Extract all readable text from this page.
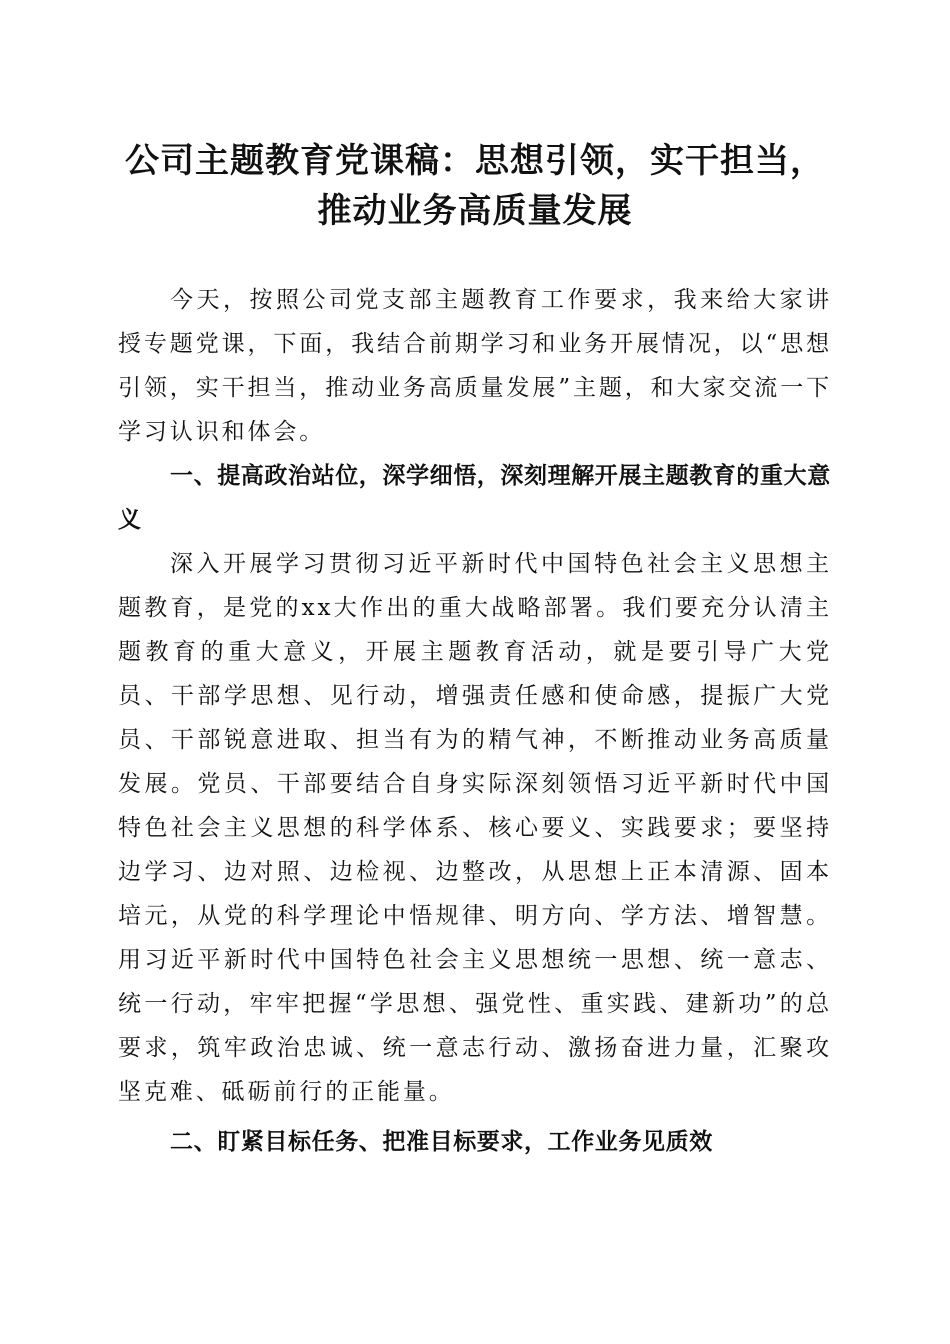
公司主题教育党课稿：思想引领，实干担当，
推动业务高质量发展

今天，按照公司党支部主题教育工作要求，我来给大家讲授专题党课，下面，我结合前期学习和业务开展情况，以“思想引领，实干担当，推动业务高质量发展”主题，和大家交流一下学习认识和体会。

一、提高政治站位，深学细悟，深刻理解开展主题教育的重大意义

深入开展学习贯彻习近平新时代中国特色社会主义思想主题教育，是党的xx大作出的重大战略部署。我们要充分认清主题教育的重大意义，开展主题教育活动，就是要引导广大党员、干部学思想、见行动，增强责任感和使命感，提振广大党员、干部锐意进取、担当有为的精气神，不断推动业务高质量发展。党员、干部要结合自身实际深刻领悟习近平新时代中国特色社会主义思想的科学体系、核心要义、实践要求；要坚持边学习、边对照、边检视、边整改，从思想上正本清源、固本培元，从党的科学理论中悟规律、明方向、学方法、增智慧。用习近平新时代中国特色社会主义思想统一思想、统一意志、统一行动，牢牢把握“学思想、强党性、重实践、建新功”的总要求，筑牢政治忠诚、统一意志行动、激扬奋进力量，汇聚攻坚克难、砥砺前行的正能量。

二、盯紧目标任务、把准目标要求，工作业务见质效
